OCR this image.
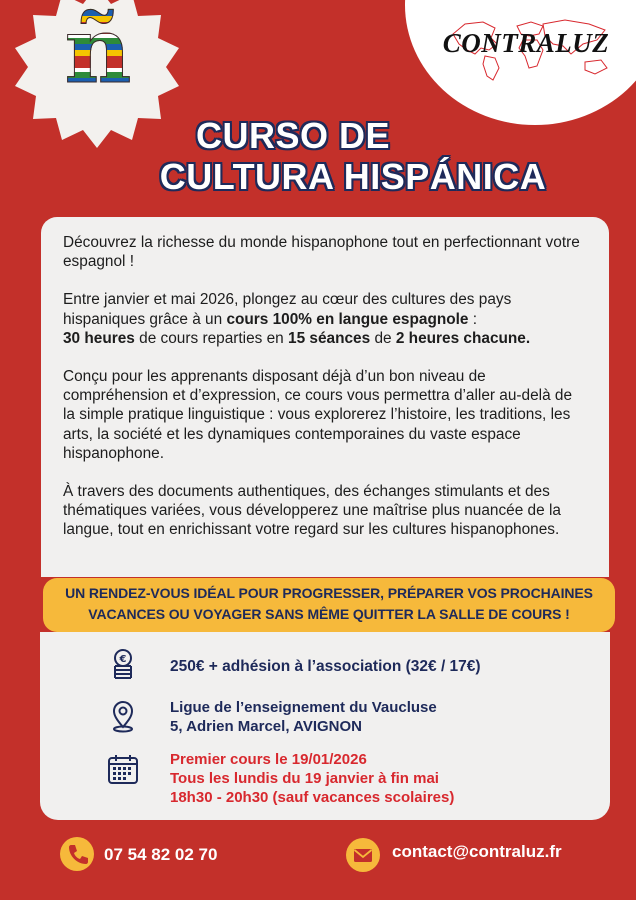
ñ	CONTRALUZ
CURSO DE
CULTURA HISPÁNICA

Découvrez la richesse du monde hispanophone tout en perfectionnant votre espagnol !

Entre janvier et mai 2026, plongez au cœur des cultures des pays
hispaniques grâce à un cours 100% en langue espagnole :
30 heures de cours reparties en 15 séances de 2 heures chacune.

Conçu pour les apprenants disposant déjà d’un bon niveau de compréhension et d’expression, ce cours vous permettra d’aller au-delà de la simple pratique linguistique : vous explorerez l’histoire, les traditions, les arts, la société et les dynamiques contemporaines du vaste espace hispanophone.

À travers des documents authentiques, des échanges stimulants et des thématiques variées, vous développerez une maîtrise plus nuancée de la langue, tout en enrichissant votre regard sur les cultures hispanophones.

UN RENDEZ-VOUS IDÉAL POUR PROGRESSER, PRÉPARER VOS PROCHAINES
VACANCES OU VOYAGER SANS MÊME QUITTER LA SALLE DE COURS !
€	250€ + adhésion à l’association (32€ / 17€)
Ligue de l’enseignement du Vaucluse
5, Adrien Marcel, AVIGNON
Premier cours le 19/01/2026
Tous les lundis du 19 janvier à fin mai
18h30 - 20h30 (sauf vacances scolaires)
07 54 82 02 70	contact@contraluz.fr
